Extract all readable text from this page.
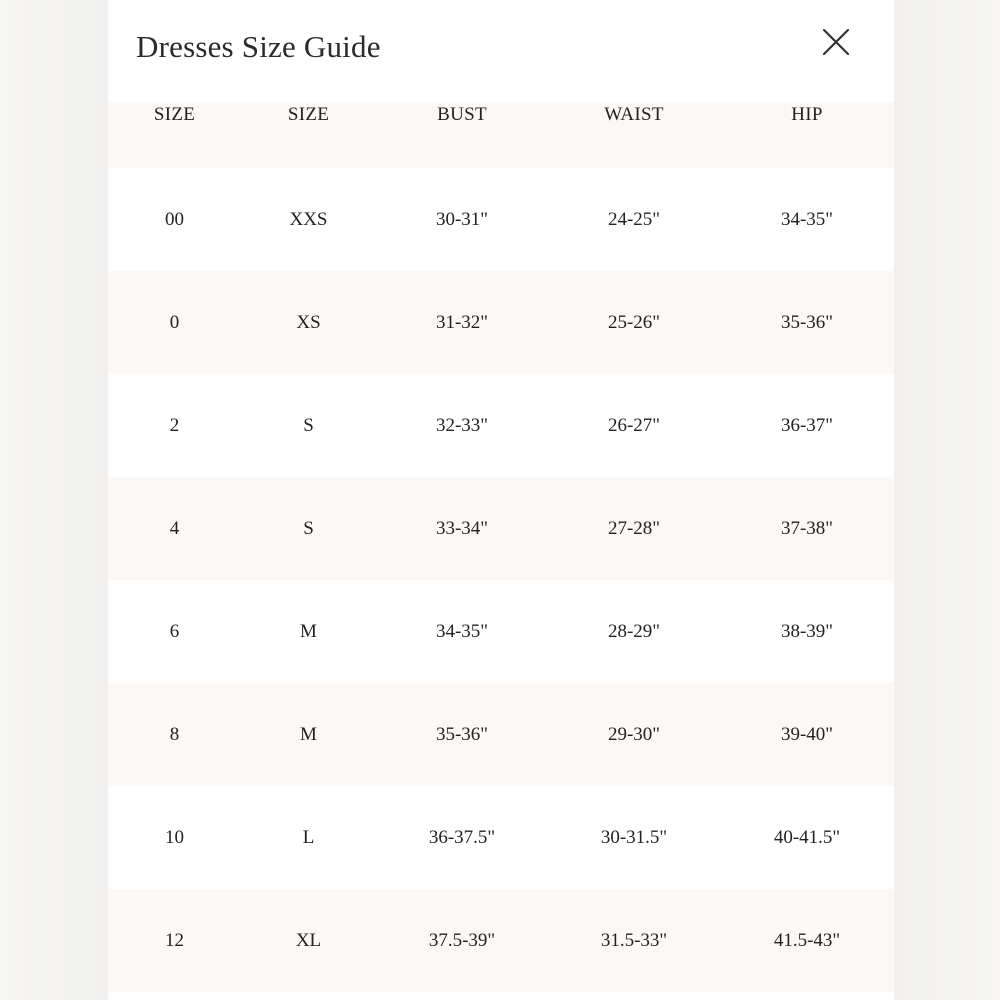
Dresses Size Guide
SIZE	SIZE	BUST	WAIST	HIP
00	XXS	30-31"	24-25"	34-35"
0	XS	31-32"	25-26"	35-36"
2	S	32-33"	26-27"	36-37"
4	S	33-34"	27-28"	37-38"
6	M	34-35"	28-29"	38-39"
8	M	35-36"	29-30"	39-40"
10	L	36-37.5"	30-31.5"	40-41.5"
12	XL	37.5-39"	31.5-33"	41.5-43"
